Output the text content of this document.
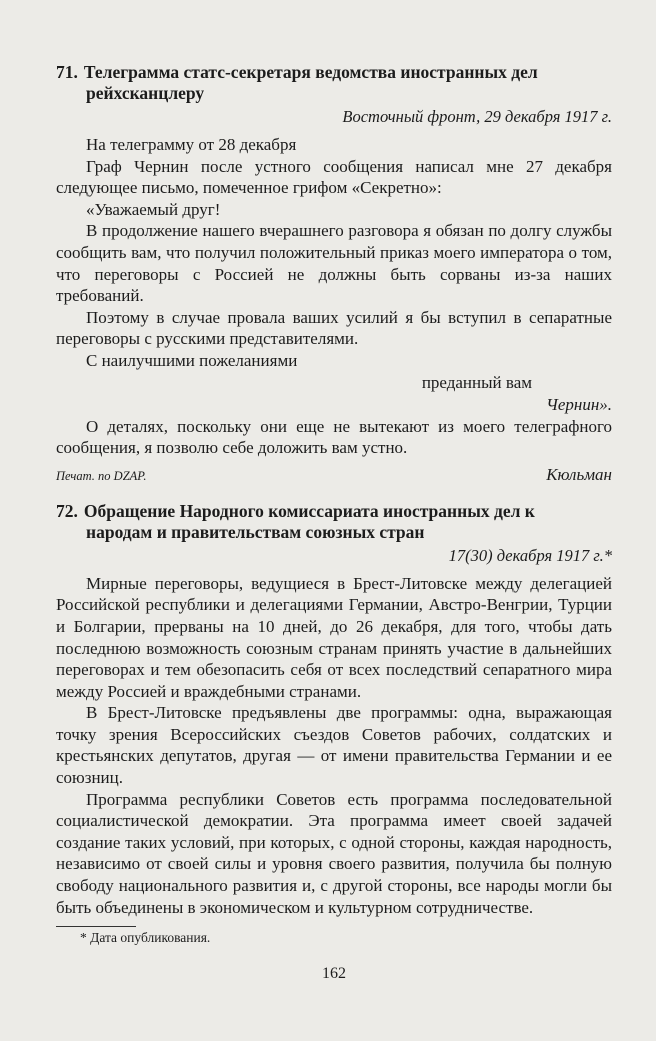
71. Телеграмма статс-секретаря ведомства иностранных дел
рейхсканцлеру
Восточный фронт, 29 декабря 1917 г.

На телеграмму от 28 декабря

Граф Чернин после устного сообщения написал мне 27 декабря следующее письмо, помеченное грифом «Секретно»:

«Уважаемый друг!

В продолжение нашего вчерашнего разговора я обязан по долгу службы сообщить вам, что получил положительный приказ моего императора о том, что переговоры с Россией не должны быть сорваны из-за наших требований.

Поэтому в случае провала ваших усилий я бы вступил в сепаратные переговоры с русскими представителями.

С наилучшими пожеланиями

преданный вам

Чернин».

О деталях, поскольку они еще не вытекают из моего телеграфного сообщения, я позволю себе доложить вам устно.

Печат. по DZAP.	Кюльман
72. Обращение Народного комиссариата иностранных дел к
народам и правительствам союзных стран
17(30) декабря 1917 г.*

Мирные переговоры, ведущиеся в Брест-Литовске между делегацией Российской республики и делегациями Германии, Австро-Венгрии, Турции и Болгарии, прерваны на 10 дней, до 26 декабря, для того, чтобы дать последнюю возможность союзным странам принять участие в дальнейших переговорах и тем обезопасить себя от всех последствий сепаратного мира между Россией и враждебными странами.

В Брест-Литовске предъявлены две программы: одна, выражающая точку зрения Всероссийских съездов Советов рабочих, солдатских и крестьянских депутатов, другая — от имени правительства Германии и ее союзниц.

Программа республики Советов есть программа последовательной социалистической демократии. Эта программа имеет своей задачей создание таких условий, при которых, с одной стороны, каждая народность, независимо от своей силы и уровня своего развития, получила бы полную свободу национального развития и, с другой стороны, все народы могли бы быть объединены в экономическом и культурном сотрудничестве.

* Дата опубликования.
162
